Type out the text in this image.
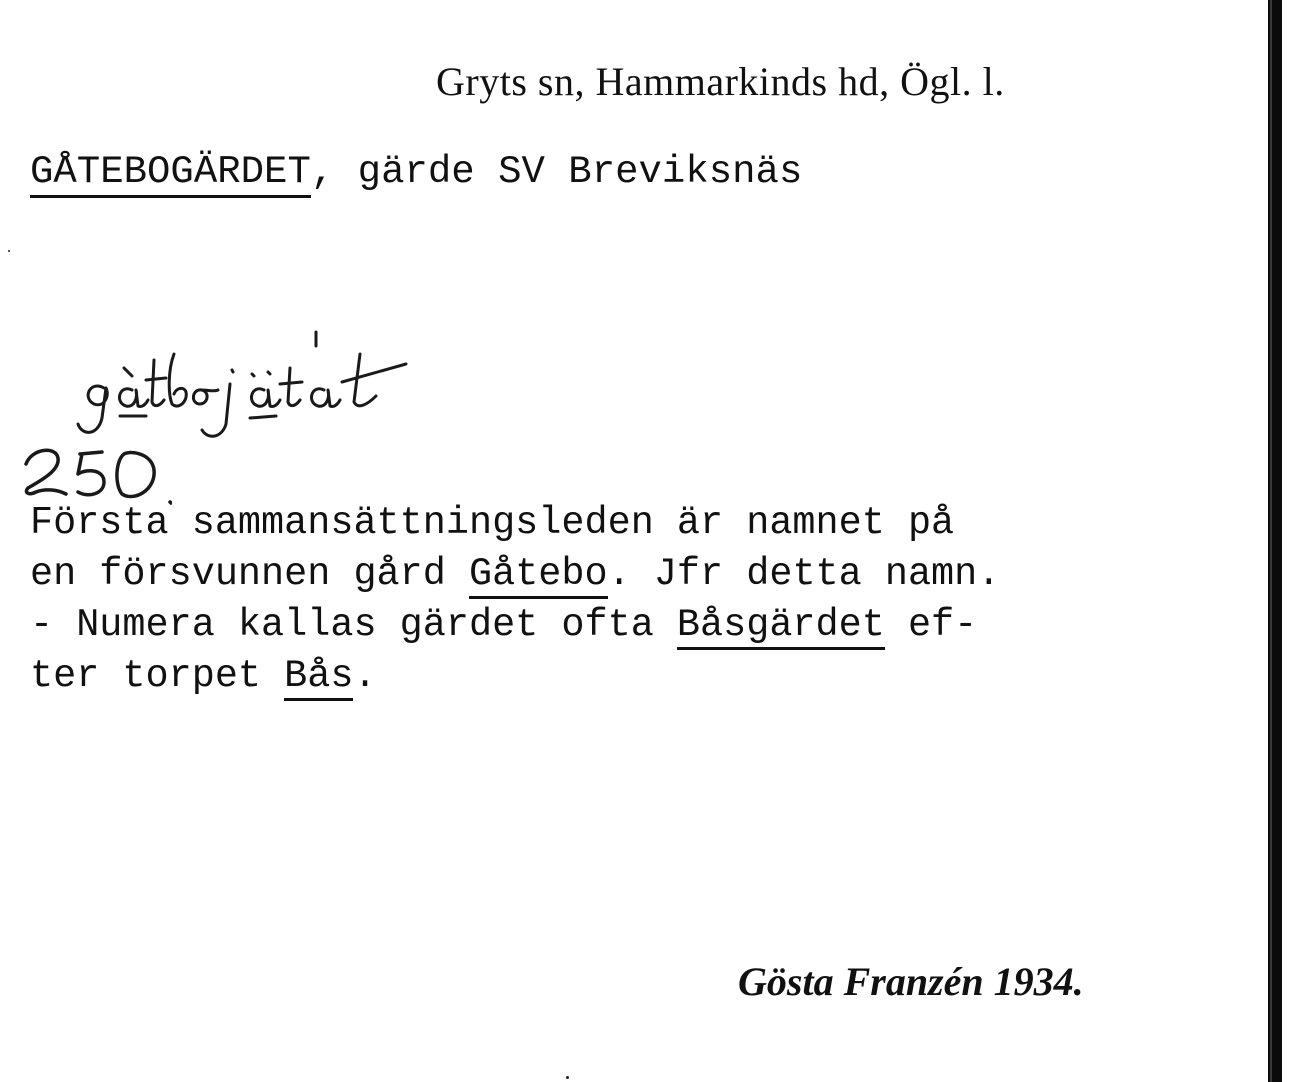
Gryts sn, Hammarkinds hd, Ögl. l.
GÅTEBOGÄRDET, gärde SV Breviksnäs
Första sammansättningsleden är namnet på
en försvunnen gård Gåtebo. Jfr detta namn.
- Numera kallas gärdet ofta Båsgärdet ef-
ter torpet Bås.
Gösta Franzén 1934.
